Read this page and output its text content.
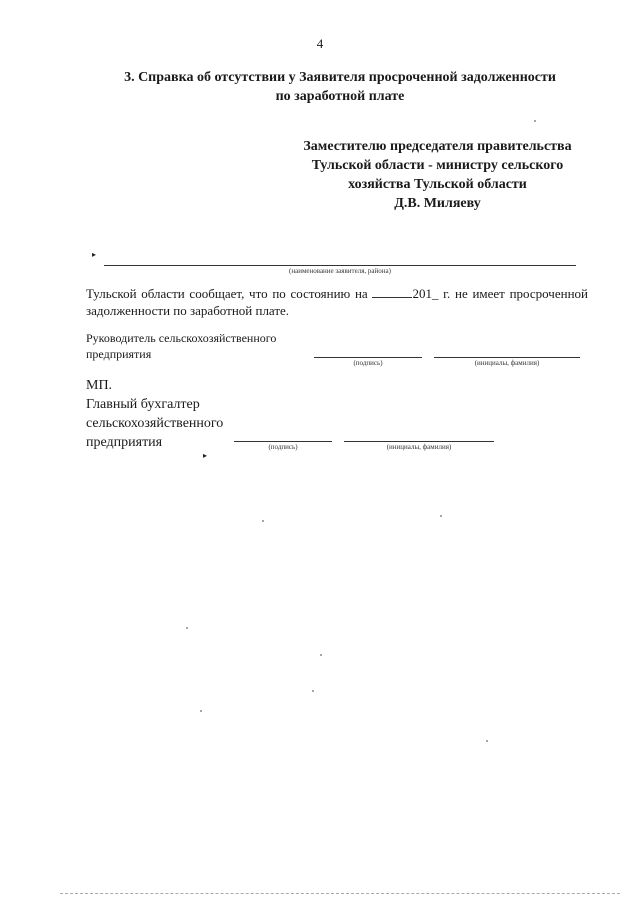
4
3. Справка об отсутствии у Заявителя просроченной задолженности
по заработной плате
Заместителю председателя правительства
Тульской области - министру сельского
хозяйства Тульской области
Д.В. Миляеву
▸
(наименование заявителя, района)
Тульской области сообщает, что по состоянию на	201_ г. не имеет просроченной задолженности по заработной плате.
Руководитель сельскохозяйственного
предприятия
(подпись)	(инициалы, фамилия)
МП.
Главный бухгалтер
сельскохозяйственного
предприятия	(подпись)	(инициалы, фамилия)
▸
